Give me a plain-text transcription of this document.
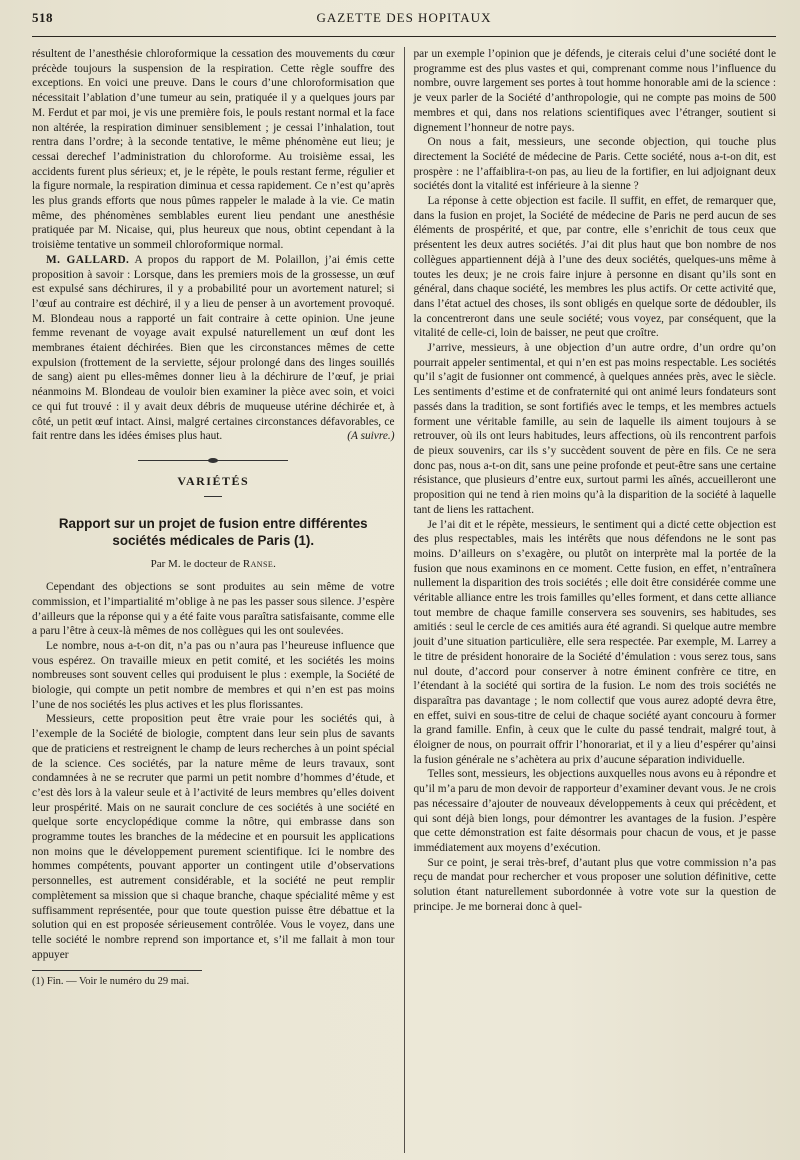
518	GAZETTE DES HOPITAUX

résultent de l’anesthésie chloroformique la cessation des mouvements du cœur précède toujours la suspension de la respiration. Cette règle souffre des exceptions. En voici une preuve. Dans le cours d’une chloroformisation que nécessitait l’ablation d’une tumeur au sein, pratiquée il y a quelques jours par M. Ferdut et par moi, je vis une première fois, le pouls restant normal et la face non altérée, la respiration diminuer sensiblement ; je cessai l’inhalation, tout rentra dans l’ordre; à la seconde tentative, le même phénomène eut lieu; je cessai derechef l’administration du chloroforme. Au troisième essai, les accidents furent plus sérieux; et, je le répète, le pouls restant ferme, régulier et la figure normale, la respiration diminua et cessa rapidement. Ce n’est qu’après les plus grands efforts que nous pûmes rappeler le malade à la vie. Ce matin même, des phénomènes semblables eurent lieu pendant une anesthésie pratiquée par M. Nicaise, qui, plus heureux que nous, obtint cependant à la troisième tentative un sommeil chloroformique normal.

M. GALLARD. A propos du rapport de M. Polaillon, j’ai émis cette proposition à savoir : Lorsque, dans les premiers mois de la grossesse, un œuf est expulsé sans déchirures, il y a probabilité pour un avortement naturel; si l’œuf au contraire est déchiré, il y a lieu de penser à un avortement provoqué. M. Blondeau nous a rapporté un fait contraire à cette opinion. Une jeune femme revenant de voyage avait expulsé naturellement un œuf dont les membranes étaient déchirées. Bien que les circonstances mêmes de cette expulsion (frottement de la serviette, séjour prolongé dans des linges souillés de sang) aient pu elles-mêmes donner lieu à la déchirure de l’œuf, je priai néanmoins M. Blondeau de vouloir bien examiner la pièce avec soin, et voici ce qui fut trouvé : il y avait deux débris de muqueuse utérine déchirée et, à côté, un petit œuf intact. Ainsi, malgré certaines circonstances défavorables, ce fait rentre dans les idées émises plus haut.	(A suivre.)

VARIÉTÉS
Rapport sur un projet de fusion entre différentes sociétés médicales de Paris (1).
Par M. le docteur de Ranse.

Cependant des objections se sont produites au sein même de votre commission, et l’impartialité m’oblige à ne pas les passer sous silence. J’espère d’ailleurs que la réponse qui y a été faite vous paraîtra satisfaisante, comme elle a paru l’être à ceux-là mêmes de nos collègues qui les ont soulevées.

Le nombre, nous a-t-on dit, n’a pas ou n’aura pas l’heureuse influence que vous espérez. On travaille mieux en petit comité, et les sociétés les moins nombreuses sont souvent celles qui produisent le plus : exemple, la Société de biologie, qui compte un petit nombre de membres et qui n’en est pas moins l’une de nos sociétés les plus actives et les plus florissantes.

Messieurs, cette proposition peut être vraie pour les sociétés qui, à l’exemple de la Société de biologie, comptent dans leur sein plus de savants que de praticiens et restreignent le champ de leurs recherches à un point spécial de la science. Ces sociétés, par la nature même de leurs travaux, sont condamnées à ne se recruter que parmi un petit nombre d’hommes d’étude, et c’est dès lors à la valeur seule et à l’activité de leurs membres qu’elles doivent leur prospérité. Mais on ne saurait conclure de ces sociétés à une société en quelque sorte encyclopédique comme la nôtre, qui embrasse dans son programme toutes les branches de la médecine et en poursuit les applications non moins que le développement purement scientifique. Ici le nombre des hommes compétents, pouvant apporter un contingent utile d’observations personnelles, est autrement considérable, et la société ne peut remplir complètement sa mission que si chaque branche, chaque spécialité même y est suffisamment représentée, pour que toute question puisse être débattue et la solution qui en est proposée sérieusement contrôlée. Vous le voyez, dans une telle société le nombre reprend son importance et, s’il me fallait à mon tour appuyer

(1) Fin. — Voir le numéro du 29 mai.

par un exemple l’opinion que je défends, je citerais celui d’une société dont le programme est des plus vastes et qui, comprenant comme nous l’influence du nombre, ouvre largement ses portes à tout homme honorable ami de la science : je veux parler de la Société d’anthropologie, qui ne compte pas moins de 500 membres et qui, dans nos relations scientifiques avec l’étranger, soutient si dignement l’honneur de notre pays.

On nous a fait, messieurs, une seconde objection, qui touche plus directement la Société de médecine de Paris. Cette société, nous a-t-on dit, est prospère : ne l’affaiblira-t-on pas, au lieu de la fortifier, en lui adjoignant deux sociétés dont la vitalité est inférieure à la sienne ?

La réponse à cette objection est facile. Il suffit, en effet, de remarquer que, dans la fusion en projet, la Société de médecine de Paris ne perd aucun de ses éléments de prospérité, et que, par contre, elle s’enrichit de tous ceux que présentent les deux autres sociétés. J’ai dit plus haut que bon nombre de nos collègues appartiennent déjà à l’une des deux sociétés, quelques-uns même à toutes les deux; je ne crois faire injure à personne en disant qu’ils sont en général, dans chaque société, les membres les plus actifs. Or cette activité que, dans l’état actuel des choses, ils sont obligés en quelque sorte de dédoubler, ils la concentreront dans une seule société; vous voyez, par conséquent, que la vitalité de celle-ci, loin de baisser, ne peut que croître.

J’arrive, messieurs, à une objection d’un autre ordre, d’un ordre qu’on pourrait appeler sentimental, et qui n’en est pas moins respectable. Les sociétés qu’il s’agit de fusionner ont commencé, à quelques années près, avec le siècle. Les sentiments d’estime et de confraternité qui ont animé leurs fondateurs sont passés dans la tradition, se sont fortifiés avec le temps, et les membres actuels forment une véritable famille, au sein de laquelle ils aiment toujours à se retrouver, où ils ont leurs habitudes, leurs affections, où ils rencontrent parfois de pieux souvenirs, car ils s’y succèdent souvent de père en fils. Ce ne sera donc pas, nous a-t-on dit, sans une peine profonde et peut-être sans une certaine résistance, que plusieurs d’entre eux, surtout parmi les aînés, accueilleront une proposition qui ne tend à rien moins qu’à la disparition de la société à laquelle tant de liens les rattachent.

Je l’ai dit et le répète, messieurs, le sentiment qui a dicté cette objection est des plus respectables, mais les intérêts que nous défendons ne le sont pas moins. D’ailleurs on s’exagère, ou plutôt on interprète mal la portée de la fusion que nous examinons en ce moment. Cette fusion, en effet, n’entraînera nullement la disparition des trois sociétés ; elle doit être considérée comme une véritable alliance entre les trois familles qu’elles forment, et dans cette alliance tout membre de chaque famille conservera ses souvenirs, ses habitudes, ses amitiés : seul le cercle de ces amitiés aura été agrandi. Si quelque autre membre jouit d’une situation particulière, elle sera respectée. Par exemple, M. Larrey a le titre de président honoraire de la Société d’émulation : vous serez tous, sans nul doute, d’accord pour conserver à notre éminent confrère ce titre, en l’étendant à la société qui sortira de la fusion. Le nom des trois sociétés ne disparaîtra pas davantage ; le nom collectif que vous aurez adopté devra être, en effet, suivi en sous-titre de celui de chaque société ayant concouru à former la grand famille. Enfin, à ceux que le culte du passé tendrait, malgré tout, à éloigner de nous, on pourrait offrir l’honorariat, et il y a lieu d’espérer qu’ainsi la fusion générale ne s’achètera au prix d’aucune séparation individuelle.

Telles sont, messieurs, les objections auxquelles nous avons eu à répondre et qu’il m’a paru de mon devoir de rapporteur d’examiner devant vous. Je ne crois pas nécessaire d’ajouter de nouveaux développements à ceux qui précèdent, et qui sont déjà bien longs, pour démontrer les avantages de la fusion. J’espère que cette démonstration est faite désormais pour chacun de vous, et je passe immédiatement aux moyens d’exécution.

Sur ce point, je serai très-bref, d’autant plus que votre commission n’a pas reçu de mandat pour rechercher et vous proposer une solution définitive, cette solution étant naturellement subordonnée à votre vote sur la question de principe. Je me bornerai donc à quel-
